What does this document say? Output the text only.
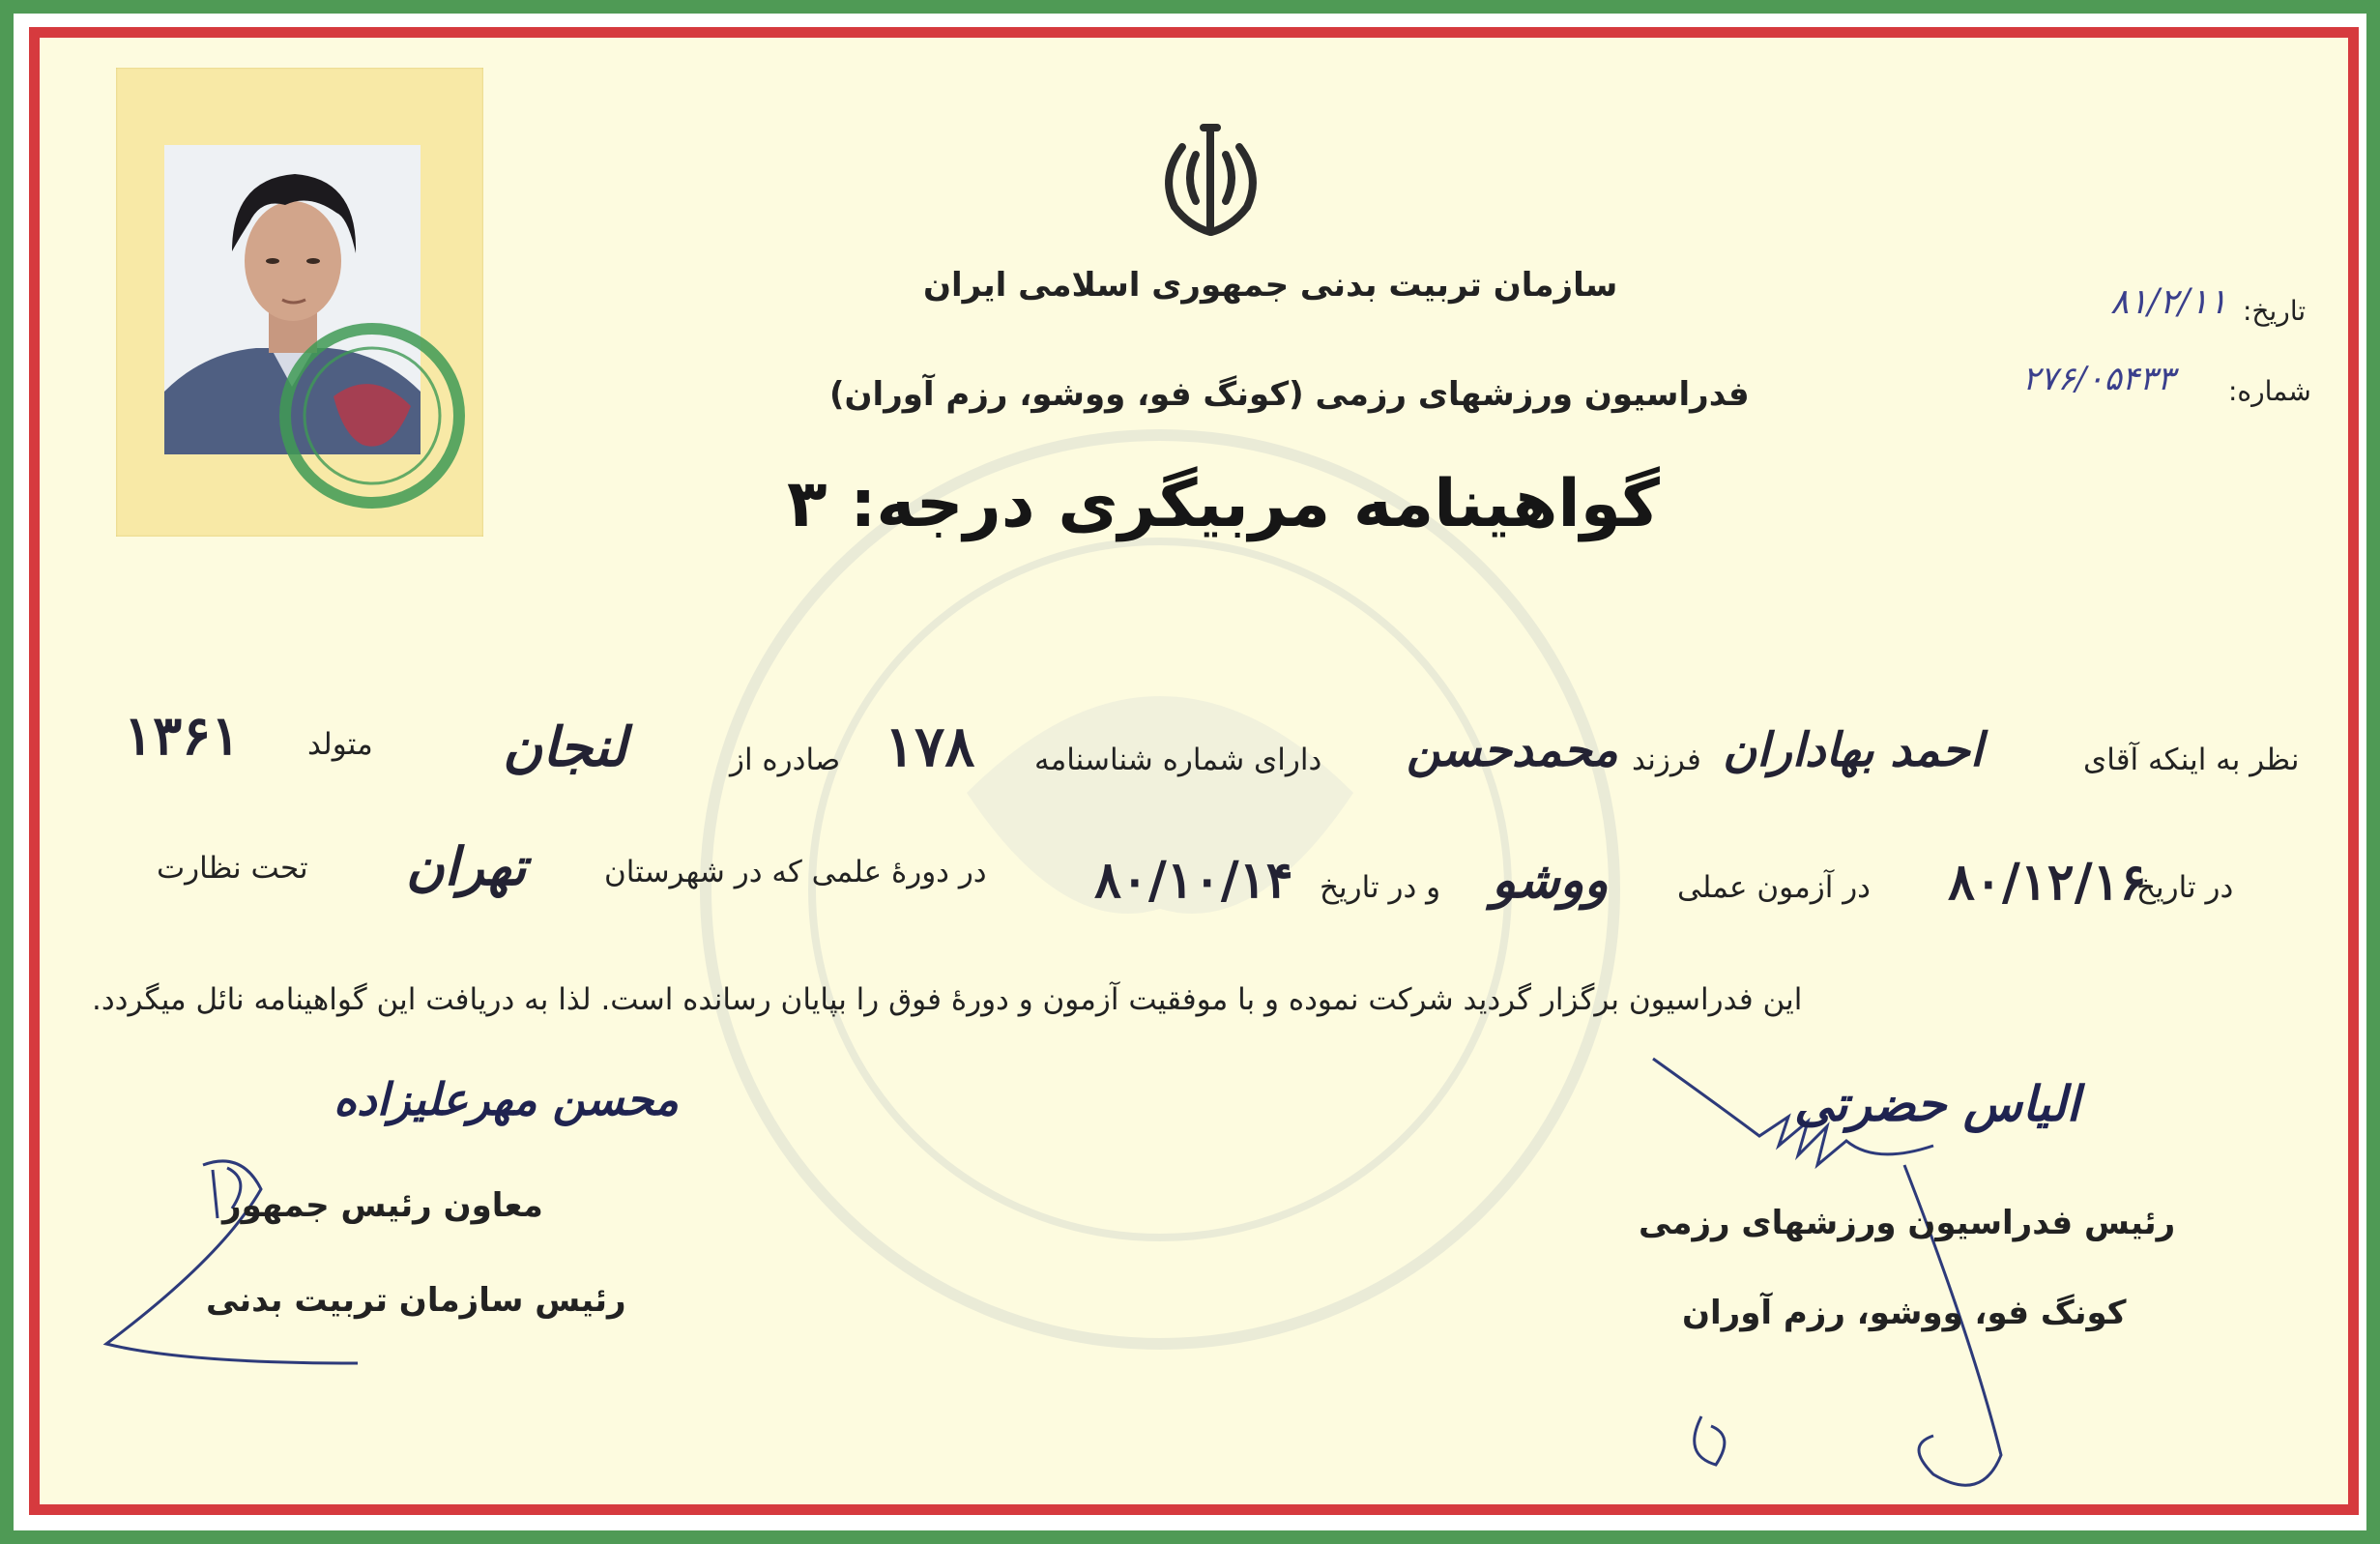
سازمان تربیت بدنی جمهوری اسلامی ایران
فدراسیون ورزشهای رزمی (کونگ فو، ووشو، رزم آوران)
گواهینامه مربیگری درجه: ۳
تاریخ:
۸۱/۲/۱۱
شماره:
۲۷۶/۰۵۴۳۳
نظر به اینکه آقای
احمد بهاداران
فرزند
محمدحسن
دارای شماره شناسنامه
۱۷۸
صادره از
لنجان
متولد
۱۳۶۱
در تاریخ
۸۰/۱۲/۱۶
در آزمون عملی
ووشو
و در تاریخ
۸۰/۱۰/۱۴
در دورهٔ علمی که در شهرستان
تهران
تحت نظارت
این فدراسیون برگزار گردید شرکت نموده و با موفقیت آزمون و دورهٔ فوق را بپایان رسانده است. لذا به دریافت این گواهینامه نائل میگردد.
الیاس حضرتی
رئیس فدراسیون ورزشهای رزمی
کونگ فو، ووشو، رزم آوران
محسن مهرعلیزاده
معاون رئیس جمهور
رئیس سازمان تربیت بدنی
